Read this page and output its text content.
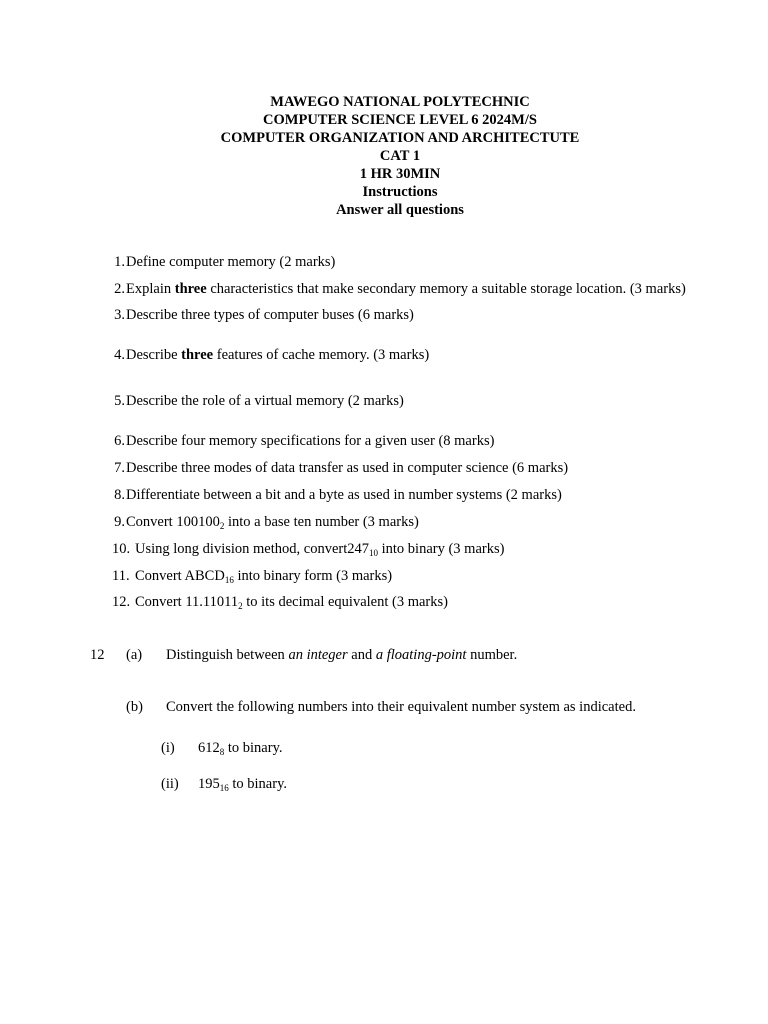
MAWEGO NATIONAL POLYTECHNIC
COMPUTER SCIENCE LEVEL 6 2024M/S
COMPUTER ORGANIZATION AND ARCHITECTUTE
CAT 1
1 HR 30MIN
Instructions
Answer all questions
1. Define computer memory (2 marks)
2. Explain three characteristics that make secondary memory a suitable storage location. (3 marks)
3. Describe three types of computer buses (6 marks)
4. Describe three features of cache memory. (3 marks)
5. Describe the role of a virtual memory (2 marks)
6. Describe four memory specifications for a given user (8 marks)
7. Describe three modes of data transfer as used in computer science (6 marks)
8. Differentiate between a bit and a byte as used in number systems (2 marks)
9. Convert $100100_2$ into a base ten number (3 marks)
10. Using long division method, $convert247_{10}$ into binary (3 marks)
11. Convert $ABCD_{16}$ into binary form (3 marks)
12. Convert $11.11011_2$ to its decimal equivalent (3 marks)
12 (a) Distinguish between an integer and a floating-point number.
(b) Convert the following numbers into their equivalent number system as indicated.
(i) $612_8$ to binary.
(ii) $195_{16}$ to binary.
